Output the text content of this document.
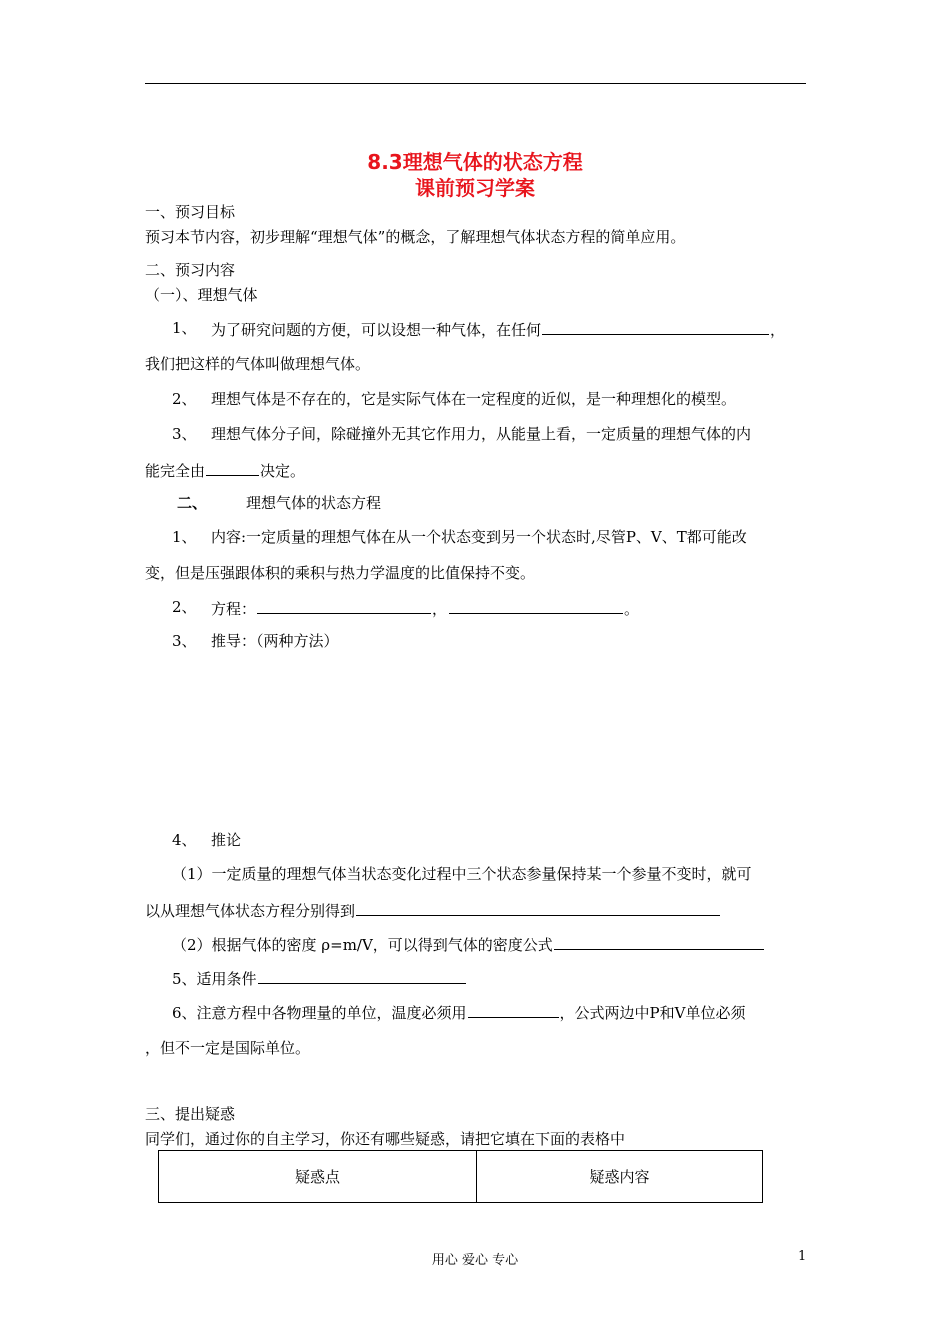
8.3理想气体的状态方程
课前预习学案
一、预习目标
预习本节内容，初步理解“理想气体”的概念，了解理想气体状态方程的简单应用。
二、预习内容
（一）、理想气体
1、 为了研究问题的方便，可以设想一种气体，在任何	，
我们把这样的气体叫做理想气体。
2、 理想气体是不存在的，它是实际气体在一定程度的近似，是一种理想化的模型。
3、 理想气体分子间，除碰撞外无其它作用力，从能量上看，一定质量的理想气体的内
能完全由	决定。
二、	理想气体的状态方程
1、 内容:一定质量的理想气体在从一个状态变到另一个状态时,尽管P、V、T都可能改
变，但是压强跟体积的乘积与热力学温度的比值保持不变。
2、 方程：	，	。
3、 推导：（两种方法）
4、 推论
（1）一定质量的理想气体当状态变化过程中三个状态参量保持某一个参量不变时，就可
以从理想气体状态方程分别得到
（2）根据气体的密度 ρ=m/V，可以得到气体的密度公式
5、适用条件
6、注意方程中各物理量的单位，温度必须用	，公式两边中P和V单位必须
，但不一定是国际单位。
三、提出疑惑
同学们，通过你的自主学习，你还有哪些疑惑，请把它填在下面的表格中
疑惑点	疑惑内容
用心 爱心 专心	1
